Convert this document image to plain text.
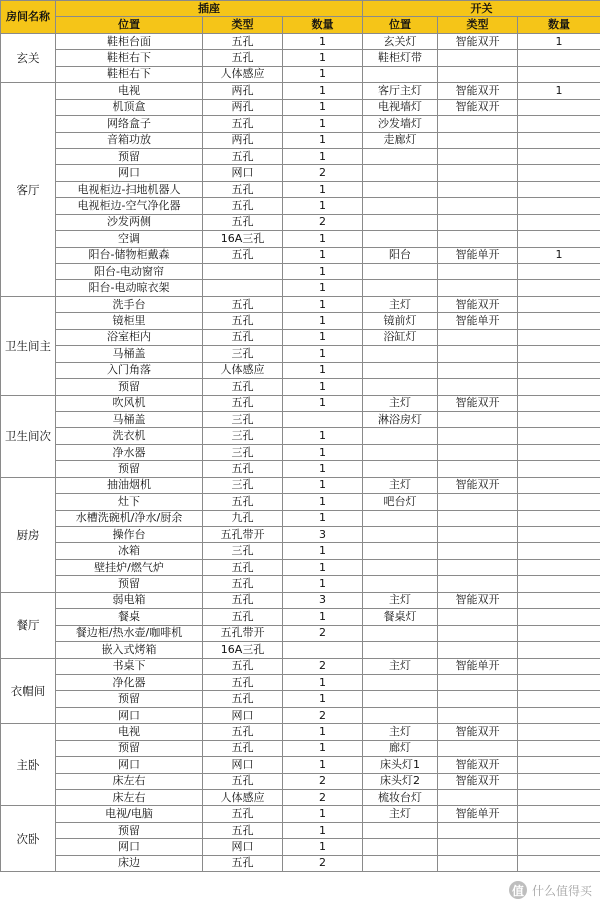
房间名称	插座			开关		
	位置	类型	数量	位置	类型	数量
玄关	鞋柜台面	五孔	1	玄关灯	智能双开	1
	鞋柜右下	五孔	1	鞋柜灯带		
	鞋柜右下	人体感应	1			
客厅	电视	两孔	1	客厅主灯	智能双开	1
	机顶盒	两孔	1	电视墙灯	智能双开	
	网络盒子	五孔	1	沙发墙灯		
	音箱功放	两孔	1	走廊灯		
	预留	五孔	1			
	网口	网口	2			
	电视柜边-扫地机器人	五孔	1			
	电视柜边-空气净化器	五孔	1			
	沙发两侧	五孔	2			
	空调	16A三孔	1			
	阳台-储物柜戴森	五孔	1	阳台	智能单开	1
	阳台-电动窗帘		1			
	阳台-电动晾衣架		1			
卫生间主	洗手台	五孔	1	主灯	智能双开	
	镜柜里	五孔	1	镜前灯	智能单开	
	浴室柜内	五孔	1	浴缸灯		
	马桶盖	三孔	1			
	入门角落	人体感应	1			
	预留	五孔	1			
卫生间次	吹风机	五孔	1	主灯	智能双开	
	马桶盖	三孔		淋浴房灯		
	洗衣机	三孔	1			
	净水器	三孔	1			
	预留	五孔	1			
厨房	抽油烟机	三孔	1	主灯	智能双开	
	灶下	五孔	1	吧台灯		
	水槽洗碗机/净水/厨余	九孔	1			
	操作台	五孔带开	3			
	冰箱	三孔	1			
	壁挂炉/燃气炉	五孔	1			
	预留	五孔	1			
餐厅	弱电箱	五孔	3	主灯	智能双开	
	餐桌	五孔	1	餐桌灯		
	餐边柜/热水壶/咖啡机	五孔带开	2			
	嵌入式烤箱	16A三孔				
衣帽间	书桌下	五孔	2	主灯	智能单开	
	净化器	五孔	1			
	预留	五孔	1			
	网口	网口	2			
主卧	电视	五孔	1	主灯	智能双开	
	预留	五孔	1	廊灯		
	网口	网口	1	床头灯1	智能双开	
	床左右	五孔	2	床头灯2	智能双开	
	床左右	人体感应	2	梳妆台灯		
次卧	电视/电脑	五孔	1	主灯	智能单开	
	预留	五孔	1			
	网口	网口	1			
	床边	五孔	2			
值 什么值得买
